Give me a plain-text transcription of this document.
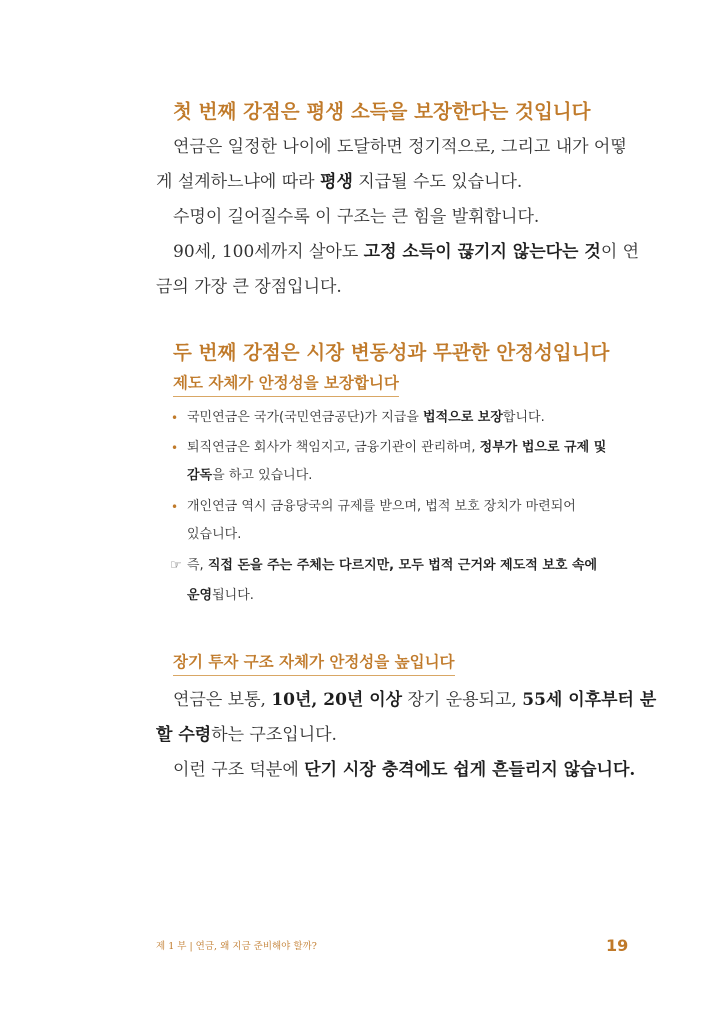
첫 번째 강점은 평생 소득을 보장한다는 것입니다

연금은 일정한 나이에 도달하면 정기적으로, 그리고 내가 어떻

게 설계하느냐에 따라 평생 지급될 수도 있습니다.

수명이 길어질수록 이 구조는 큰 힘을 발휘합니다.

90세, 100세까지 살아도 고정 소득이 끊기지 않는다는 것이 연

금의 가장 큰 장점입니다.

두 번째 강점은 시장 변동성과 무관한 안정성입니다
제도 자체가 안정성을 보장합니다
• 국민연금은 국가(국민연금공단)가 지급을 법적으로 보장합니다.

• 퇴직연금은 회사가 책임지고, 금융기관이 관리하며, 정부가 법으로 규제 및

감독을 하고 있습니다.

• 개인연금 역시 금융당국의 규제를 받으며, 법적 보호 장치가 마련되어

있습니다.

☞ 즉, 직접 돈을 주는 주체는 다르지만, 모두 법적 근거와 제도적 보호 속에

운영됩니다.

장기 투자 구조 자체가 안정성을 높입니다

연금은 보통, 10년, 20년 이상 장기 운용되고, 55세 이후부터 분

할 수령하는 구조입니다.

이런 구조 덕분에 단기 시장 충격에도 쉽게 흔들리지 않습니다.

제 1 부 | 연금, 왜 지금 준비해야 할까?	19
